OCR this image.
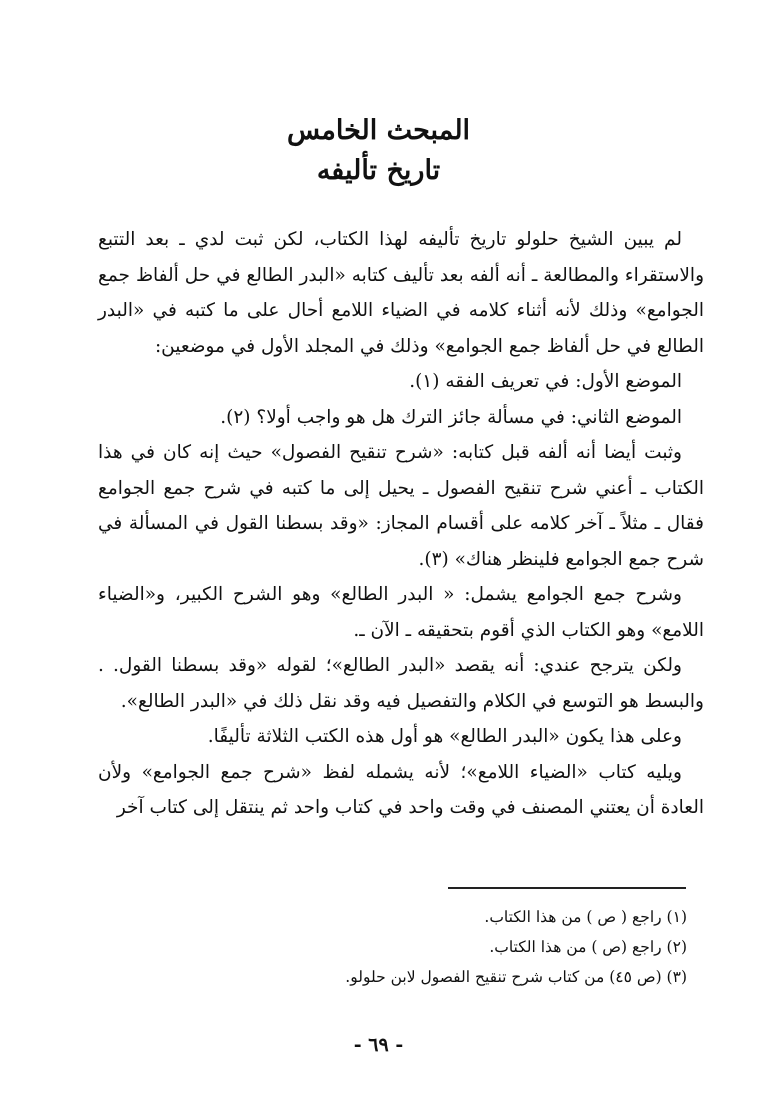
المبحث الخامس
تاريخ تأليفه

لم يبين الشيخ حلولو تاريخ تأليفه لهذا الكتاب، لكن ثبت لدي ـ بعد التتبع والاستقراء والمطالعة ـ أنه ألفه بعد تأليف كتابه «البدر الطالع في حل ألفاظ جمع الجوامع» وذلك لأنه أثناء كلامه في الضياء اللامع أحال على ما كتبه في «البدر الطالع في حل ألفاظ جمع الجوامع» وذلك في المجلد الأول في موضعين:

الموضع الأول: في تعريف الفقه (١).

الموضع الثاني: في مسألة جائز الترك هل هو واجب أولا؟ (٢).

وثبت أيضا أنه ألفه قبل كتابه: «شرح تنقيح الفصول» حيث إنه كان في هذا الكتاب ـ أعني شرح تنقيح الفصول ـ يحيل إلى ما كتبه في شرح جمع الجوامع فقال ـ مثلاً ـ آخر كلامه على أقسام المجاز: «وقد بسطنا القول في المسألة في شرح جمع الجوامع فلينظر هناك» (٣).

وشرح جمع الجوامع يشمل: « البدر الطالع» وهو الشرح الكبير، و«الضياء اللامع» وهو الكتاب الذي أقوم بتحقيقه ـ الآن ـ.

ولكن يترجح عندي: أنه يقصد «البدر الطالع»؛ لقوله «وقد بسطنا القول. . والبسط هو التوسع في الكلام والتفصيل فيه وقد نقل ذلك في «البدر الطالع».

وعلى هذا يكون «البدر الطالع» هو أول هذه الكتب الثلاثة تأليفًا.

ويليه كتاب «الضياء اللامع»؛ لأنه يشمله لفظ «شرح جمع الجوامع» ولأن العادة أن يعتني المصنف في وقت واحد في كتاب واحد ثم ينتقل إلى كتاب آخر

(١) راجع ( ص ) من هذا الكتاب.
(٢) راجع (ص ) من هذا الكتاب.
(٣) (ص ٤٥) من كتاب شرح تنقيح الفصول لابن حلولو.
- ٦٩ -
